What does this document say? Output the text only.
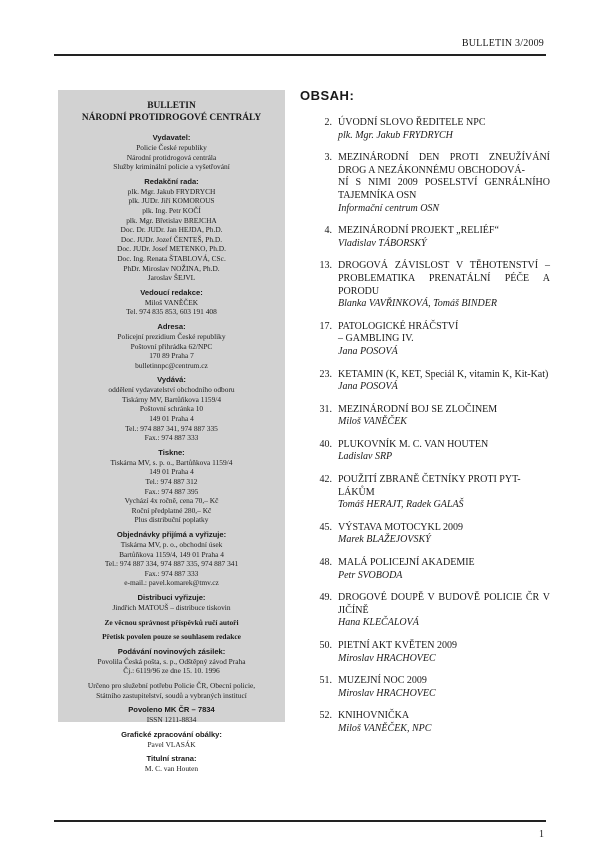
BULLETIN 3/2009
BULLETIN
NÁRODNÍ PROTIDROGOVÉ CENTRÁLY
Vydavatel:
Policie České republiky
Národní protidrogová centrála
Služby kriminální policie a vyšetřování
Redakční rada:
plk. Mgr. Jakub FRYDRYCH
plk. JUDr. Jiří KOMOROUS
plk. Ing. Petr KOČÍ
plk. Mgr. Břetislav BREJCHA
Doc. Dr. JUDr. Jan HEJDA, Ph.D.
Doc. JUDr. Jozef ČENTEŠ, Ph.D.
Doc. JUDr. Josef METENKO, Ph.D.
Doc. Ing. Renata ŠTABLOVÁ, CSc.
PhDr. Miroslav NOŽINA, Ph.D.
Jaroslav ŠEJVL
Vedoucí redakce:
Miloš VANĚČEK
Tel. 974 835 853, 603 191 408
Adresa:
Policejní prezidium České republiky
Poštovní přihrádka 62/NPC
170 89 Praha 7
bulletinnpc@centrum.cz
Vydává:
oddělení vydavatelství obchodního odboru
Tiskárny MV, Bartůňkova 1159/4
Poštovní schránka 10
149 01 Praha 4
Tel.: 974 887 341, 974 887 335
Fax.: 974 887 333
Tiskne:
Tiskárna MV, s. p. o., Bartůňkova 1159/4
149 01 Praha 4
Tel.: 974 887 312
Fax.: 974 887 395
Vychází 4x ročně, cena 70,– Kč
Roční předplatné 280,– Kč
Plus distribuční poplatky
Objednávky přijímá a vyřizuje:
Tiskárna MV, p. o., obchodní úsek
Bartůňkova 1159/4, 149 01 Praha 4
Tel.: 974 887 334, 974 887 335, 974 887 341
Fax.: 974 887 333
e-mail.: pavel.komarek@tmv.cz
Distribuci vyřizuje:
Jindřich MATOUŠ – distribuce tiskovin
Ze věcnou správnost příspěvků ručí autoři
Přetisk povolen pouze se souhlasem redakce
Podávání novinových zásilek:
Povolila Česká pošta, s. p., Odštěpný závod Praha
Čj.: 6119/96 ze dne 15. 10. 1996
Určeno pro služební potřebu Policie ČR, Obecní policie,
Státního zastupitelství, soudů a vybraných institucí
Povoleno MK ČR – 7834
ISSN 1211-8834
Grafické zpracování obálky:
Pavel VLASÁK
Titulní strana:
M. C. van Houten
OBSAH:
2. ÚVODNÍ SLOVO ŘEDITELE NPC
plk. Mgr. Jakub FRYDRYCH
3. MEZINÁRODNÍ DEN PROTI ZNEUŽÍVÁNÍ DROG A NEZÁKONNÉMU OBCHODOVÁ-
NÍ S NIMI 2009 POSELSTVÍ GENRÁLNÍHO TAJEMNÍKA OSN
Informační centrum OSN
4. MEZINÁRODNÍ PROJEKT „RELIÉF“
Vladislav TÁBORSKÝ
13. DROGOVÁ ZÁVISLOST V TĚHOTENSTVÍ – PROBLEMATIKA PRENATÁLNÍ PÉČE A PORODU
Blanka VAVŘINKOVÁ, Tomáš BINDER
17. PATOLOGICKÉ HRÁČSTVÍ
– GAMBLING IV.
Jana POSOVÁ
23. KETAMIN (K, KET, Speciál K, vitamin K, Kit-Kat)
Jana POSOVÁ
31. MEZINÁRODNÍ BOJ SE ZLOČINEM
Miloš VANĚČEK
40. PLUKOVNÍK M. C. VAN HOUTEN
Ladislav SRP
42. POUŽITÍ ZBRANĚ ČETNÍKY PROTI PYT-
LÁKŮM
Tomáš HERAJT, Radek GALAŠ
45. VÝSTAVA MOTOCYKL 2009
Marek BLAŽEJOVSKÝ
48. MALÁ POLICEJNÍ AKADEMIE
Petr SVOBODA
49. DROGOVÉ DOUPĚ V BUDOVĚ POLICIE ČR V JIČÍNĚ
Hana KLEČALOVÁ
50. PIETNÍ AKT KVĚTEN 2009
Miroslav HRACHOVEC
51. MUZEJNÍ NOC 2009
Miroslav HRACHOVEC
52. KNIHOVNIČKA
Miloš VANĚČEK, NPC
1
